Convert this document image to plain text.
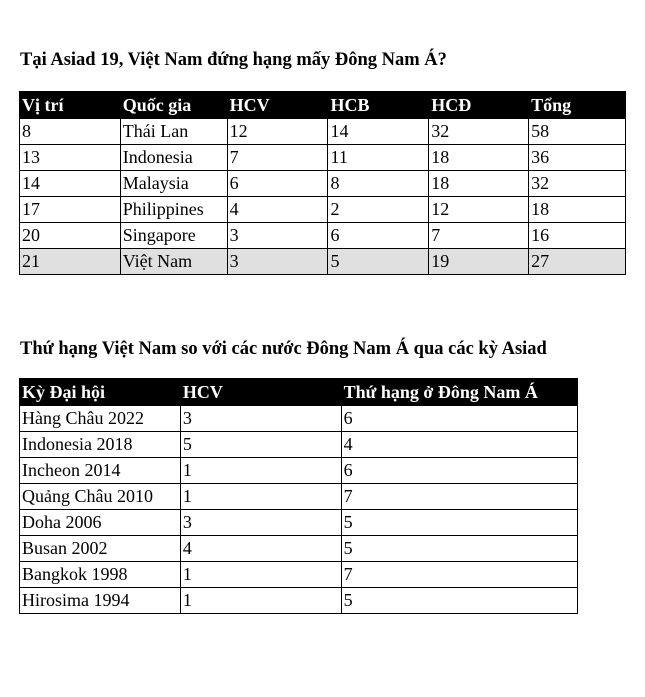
Tại Asiad 19, Việt Nam đứng hạng mấy Đông Nam Á?
Vị trí	Quốc gia	HCV	HCB	HCĐ	Tổng
8	Thái Lan	12	14	32	58
13	Indonesia	7	11	18	36
14	Malaysia	6	8	18	32
17	Philippines	4	2	12	18
20	Singapore	3	6	7	16
21	Việt Nam	3	5	19	27
Thứ hạng Việt Nam so với các nước Đông Nam Á qua các kỳ Asiad
Kỳ Đại hội	HCV	Thứ hạng ở Đông Nam Á
Hàng Châu 2022	3	6
Indonesia 2018	5	4
Incheon 2014	1	6
Quảng Châu 2010	1	7
Doha 2006	3	5
Busan 2002	4	5
Bangkok 1998	1	7
Hirosima 1994	1	5
